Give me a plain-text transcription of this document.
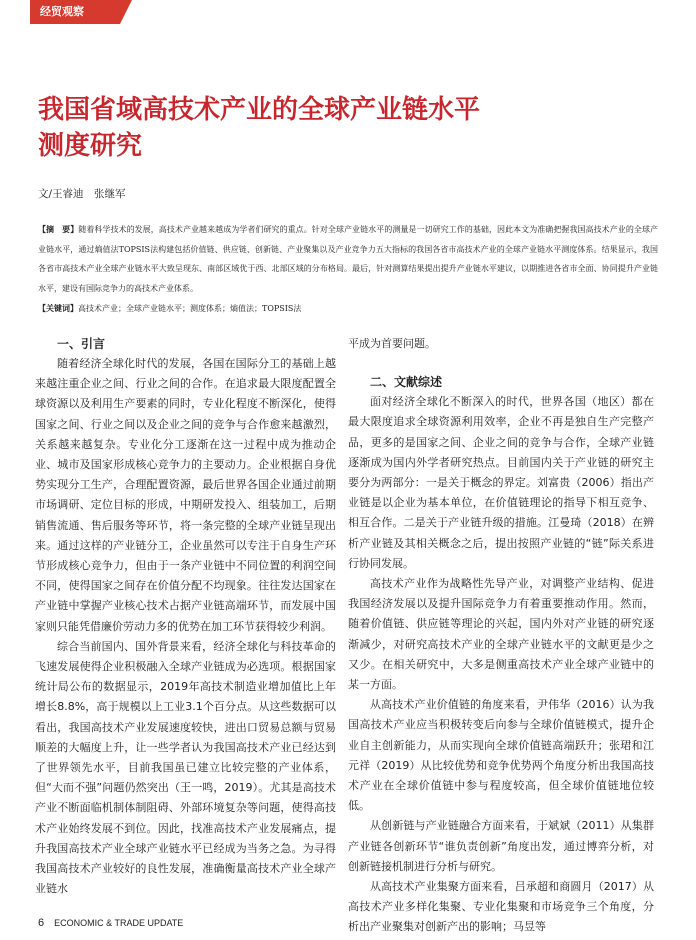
经贸观察
我国省域高技术产业的全球产业链水平
测度研究
文/王睿迪　张继军
【摘　要】随着科学技术的发展，高技术产业越来越成为学者们研究的重点。针对全球产业链水平的测量是一切研究工作的基础，因此本文为准确把握我国高技术产业的全球产业链水平，通过熵值法TOPSIS法构建包括价值链、供应链、创新链、产业聚集以及产业竞争力五大指标的我国各省市高技术产业的全球产业链水平测度体系。结果显示，我国各省市高技术产业全球产业链水平大致呈现东、南部区域优于西、北部区域的分布格局。最后，针对测算结果提出提升产业链水平建议，以期推进各省市全面、协同提升产业链水平，建设有国际竞争力的高技术产业体系。
【关键词】高技术产业；全球产业链水平；测度体系；熵值法；TOPSIS法
一、引言

随着经济全球化时代的发展，各国在国际分工的基础上越来越注重企业之间、行业之间的合作。在追求最大限度配置全球资源以及利用生产要素的同时，专业化程度不断深化，使得国家之间、行业之间以及企业之间的竞争与合作愈来越激烈，关系越来越复杂。专业化分工逐渐在这一过程中成为推动企业、城市及国家形成核心竞争力的主要动力。企业根据自身优势实现分工生产，合理配置资源，最后世界各国企业通过前期市场调研、定位目标的形成，中期研发投入、组装加工，后期销售流通、售后服务等环节，将一条完整的全球产业链呈现出来。通过这样的产业链分工，企业虽然可以专注于自身生产环节形成核心竞争力，但由于一条产业链中不同位置的利润空间不同，使得国家之间存在价值分配不均现象。往往发达国家在产业链中掌握产业核心技术占据产业链高端环节，而发展中国家则只能凭借廉价劳动力多的优势在加工环节获得较少利润。

综合当前国内、国外背景来看，经济全球化与科技革命的飞速发展使得企业积极融入全球产业链成为必选项。根据国家统计局公布的数据显示，2019年高技术制造业增加值比上年增长8.8%，高于规模以上工业3.1个百分点。从这些数据可以看出，我国高技术产业发展速度较快，进出口贸易总额与贸易顺差的大幅度上升，让一些学者认为我国高技术产业已经达到了世界领先水平，目前我国虽已建立比较完整的产业体系，但“大而不强”问题仍然突出（王一鸣，2019）。尤其是高技术产业不断面临机制体制阻碍、外部环境复杂等问题，使得高技术产业始终发展不到位。因此，找准高技术产业发展痛点，提升我国高技术产业全球产业链水平已经成为当务之急。为寻得我国高技术产业较好的良性发展，准确衡量高技术产业全球产业链水

平成为首要问题。

二、文献综述

面对经济全球化不断深入的时代，世界各国（地区）都在最大限度追求全球资源利用效率，企业不再是独自生产完整产品，更多的是国家之间、企业之间的竞争与合作，全球产业链逐渐成为国内外学者研究热点。目前国内关于产业链的研究主要分为两部分：一是关于概念的界定。刘富贵（2006）指出产业链是以企业为基本单位，在价值链理论的指导下相互竞争、相互合作。二是关于产业链升级的措施。江曼琦（2018）在辨析产业链及其相关概念之后，提出按照产业链的“链”际关系进行协同发展。

高技术产业作为战略性先导产业，对调整产业结构、促进我国经济发展以及提升国际竞争力有着重要推动作用。然而，随着价值链、供应链等理论的兴起，国内外对产业链的研究逐渐减少，对研究高技术产业的全球产业链水平的文献更是少之又少。在相关研究中，大多是侧重高技术产业全球产业链中的某一方面。

从高技术产业价值链的角度来看，尹伟华（2016）认为我国高技术产业应当积极转变后向参与全球价值链模式，提升企业自主创新能力，从而实现向全球价值链高端跃升；张珺和江元祥（2019）从比较优势和竞争优势两个角度分析出我国高技术产业在全球价值链中参与程度较高，但全球价值链地位较低。

从创新链与产业链融合方面来看，于斌斌（2011）从集群产业链各创新环节“谁负责创新”角度出发，通过博弈分析，对创新链接机制进行分析与研究。

从高技术产业集聚方面来看，吕承超和商圆月（2017）从高技术产业多样化集聚、专业化集聚和市场竞争三个角度，分析出产业聚集对创新产出的影响；马昱等

6 ECONOMIC & TRADE UPDATE
